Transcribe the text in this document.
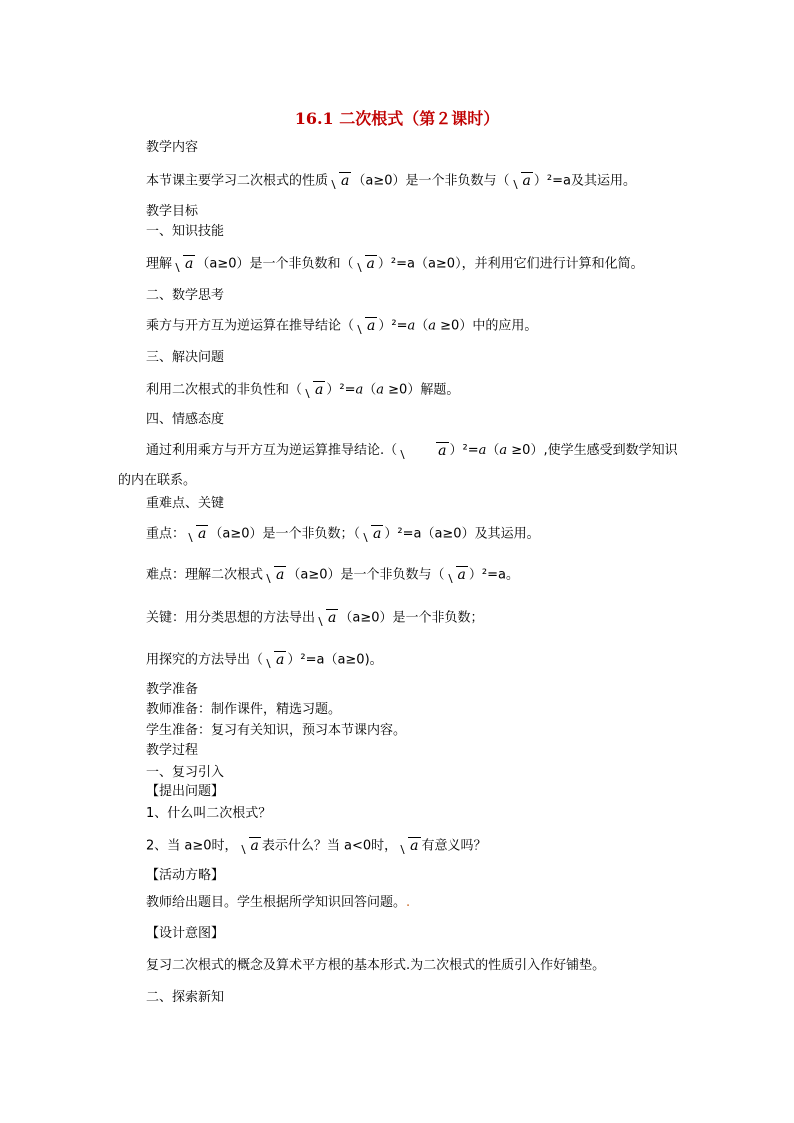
16.1 二次根式（第２课时）
教学内容
本节课主要学习二次根式的性质 a （a≥0）是一个非负数与（ a ）²=a及其运用。
教学目标
一、知识技能
理解 a （a≥0）是一个非负数和（ a ）²=a（a≥0），并利用它们进行计算和化简。
二、数学思考
乘方与开方互为逆运算在推导结论（ a ）²=a（a ≥0）中的应用。
三、解决问题
利用二次根式的非负性和（ a ）²=a（a ≥0）解题。
四、情感态度
通过利用乘方与开方互为逆运算推导结论.（	a ）²=a（a ≥0）,使学生感受到数学知识的内在联系。
重难点、关键
重点： a （a≥0）是一个非负数；（ a ）²=a（a≥0）及其运用。
难点：理解二次根式 a （a≥0）是一个非负数与（ a ）²=a。
关键：用分类思想的方法导出 a （a≥0）是一个非负数；
用探究的方法导出（ a ）²=a（a≥0)。
教学准备
教师准备：制作课件，精选习题。
学生准备：复习有关知识，预习本节课内容。
教学过程
一、复习引入
【提出问题】
1、什么叫二次根式？
2、当 a≥0时， a 表示什么？当 a<0时， a 有意义吗？
【活动方略】
教师给出题目。学生根据所学知识回答问题。.
【设计意图】
复习二次根式的概念及算术平方根的基本形式.为二次根式的性质引入作好铺垫。
二、探索新知
